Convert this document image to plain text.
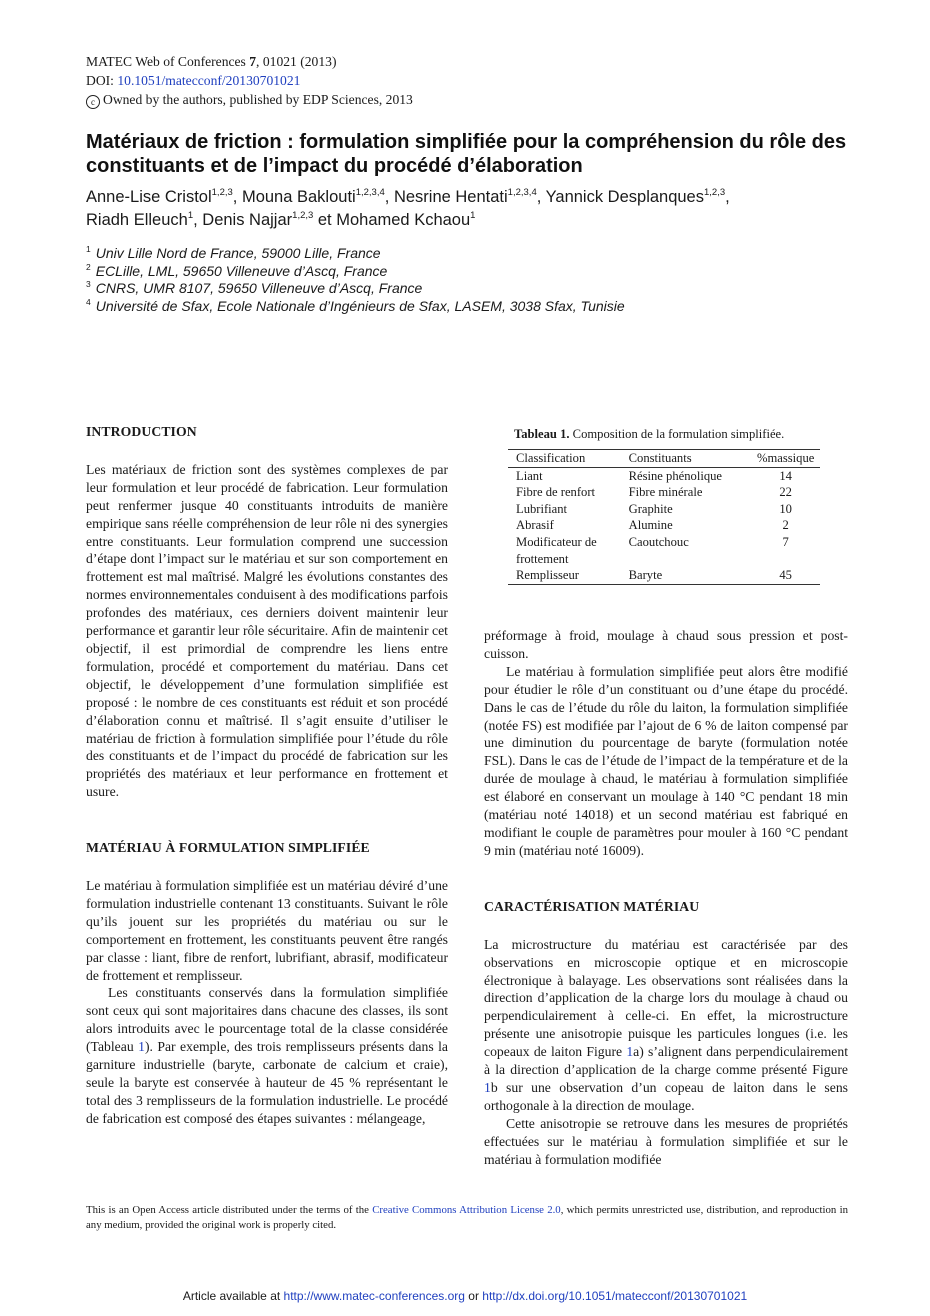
MATEC Web of Conferences 7, 01021 (2013)
DOI: 10.1051/matecconf/20130701021
c Owned by the authors, published by EDP Sciences, 2013
Matériaux de friction : formulation simplifiée pour la compréhension du rôle des constituants et de l’impact du procédé d’élaboration
Anne-Lise Cristol$^{1,2,3}$, Mouna Baklouti$^{1,2,3,4}$, Nesrine Hentati$^{1,2,3,4}$, Yannick Desplanques$^{1,2,3}$,
Riadh Elleuch$^1$, Denis Najjar$^{1,2,3}$ et Mohamed Kchaou$^1$
$^1$ Univ Lille Nord de France, 59000 Lille, France
$^2$ ECLille, LML, 59650 Villeneuve d’Ascq, France
$^3$ CNRS, UMR 8107, 59650 Villeneuve d’Ascq, France
$^4$ Université de Sfax, Ecole Nationale d’Ingénieurs de Sfax, LASEM, 3038 Sfax, Tunisie
INTRODUCTION

Les matériaux de friction sont des systèmes complexes de par leur formulation et leur procédé de fabrication. Leur formulation peut renfermer jusque 40 constituants introduits de manière empirique sans réelle compréhension de leur rôle ni des synergies entre constituants. Leur formulation comprend une succession d’étape dont l’impact sur le matériau et sur son comportement en frottement est mal maîtrisé. Malgré les évolutions constantes des normes environnementales conduisent à des modifications parfois profondes des matériaux, ces derniers doivent maintenir leur performance et garantir leur rôle sécuritaire. Afin de maintenir cet objectif, il est primordial de comprendre les liens entre formulation, procédé et comportement du matériau. Dans cet objectif, le développement d’une formulation simplifiée est proposé : le nombre de ces constituants est réduit et son procédé d’élaboration connu et maîtrisé. Il s’agit ensuite d’utiliser le matériau de friction à formulation simplifiée pour l’étude du rôle des constituants et de l’impact du procédé de fabrication sur les propriétés des matériaux et leur performance en frottement et usure.

MATÉRIAU À FORMULATION SIMPLIFIÉE

Le matériau à formulation simplifiée est un matériau déviré d’une formulation industrielle contenant 13 constituants. Suivant le rôle qu’ils jouent sur les propriétés du matériau ou sur le comportement en frottement, les constituants peuvent être rangés par classe : liant, fibre de renfort, lubrifiant, abrasif, modificateur de frottement et remplisseur.

Les constituants conservés dans la formulation simplifiée sont ceux qui sont majoritaires dans chacune des classes, ils sont alors introduits avec le pourcentage total de la classe considérée (Tableau 1). Par exemple, des trois remplisseurs présents dans la garniture industrielle (baryte, carbonate de calcium et craie), seule la baryte est conservée à hauteur de 45 % représentant le total des 3 remplisseurs de la formulation industrielle. Le procédé de fabrication est composé des étapes suivantes : mélangeage,

Tableau 1. Composition de la formulation simplifiée.
Classification	Constituants	%massique
Liant	Résine phénolique	14
Fibre de renfort	Fibre minérale	22
Lubrifiant	Graphite	10
Abrasif	Alumine	2
Modificateur de frottement	Caoutchouc	7
Remplisseur	Baryte	45

préformage à froid, moulage à chaud sous pression et post-cuisson.

Le matériau à formulation simplifiée peut alors être modifié pour étudier le rôle d’un constituant ou d’une étape du procédé. Dans le cas de l’étude du rôle du laiton, la formulation simplifiée (notée FS) est modifiée par l’ajout de 6 % de laiton compensé par une diminution du pourcentage de baryte (formulation notée FSL). Dans le cas de l’étude de l’impact de la température et de la durée de moulage à chaud, le matériau à formulation simplifiée est élaboré en conservant un moulage à 140 °C pendant 18 min (matériau noté 14018) et un second matériau est fabriqué en modifiant le couple de paramètres pour mouler à 160 °C pendant 9 min (matériau noté 16009).

CARACTÉRISATION MATÉRIAU

La microstructure du matériau est caractérisée par des observations en microscopie optique et en microscopie électronique à balayage. Les observations sont réalisées dans la direction d’application de la charge lors du moulage à chaud ou perpendiculairement à celle-ci. En effet, la microstructure présente une anisotropie puisque les particules longues (i.e. les copeaux de laiton Figure 1a) s’alignent dans perpendiculairement à la direction d’application de la charge comme présenté Figure 1b sur une observation d’un copeau de laiton dans le sens orthogonale à la direction de moulage.

Cette anisotropie se retrouve dans les mesures de propriétés effectuées sur le matériau à formulation simplifiée et sur le matériau à formulation modifiée

This is an Open Access article distributed under the terms of the Creative Commons Attribution License 2.0, which permits unrestricted use, distribution, and reproduction in any medium, provided the original work is properly cited.
Article available at http://www.matec-conferences.org or http://dx.doi.org/10.1051/matecconf/20130701021
